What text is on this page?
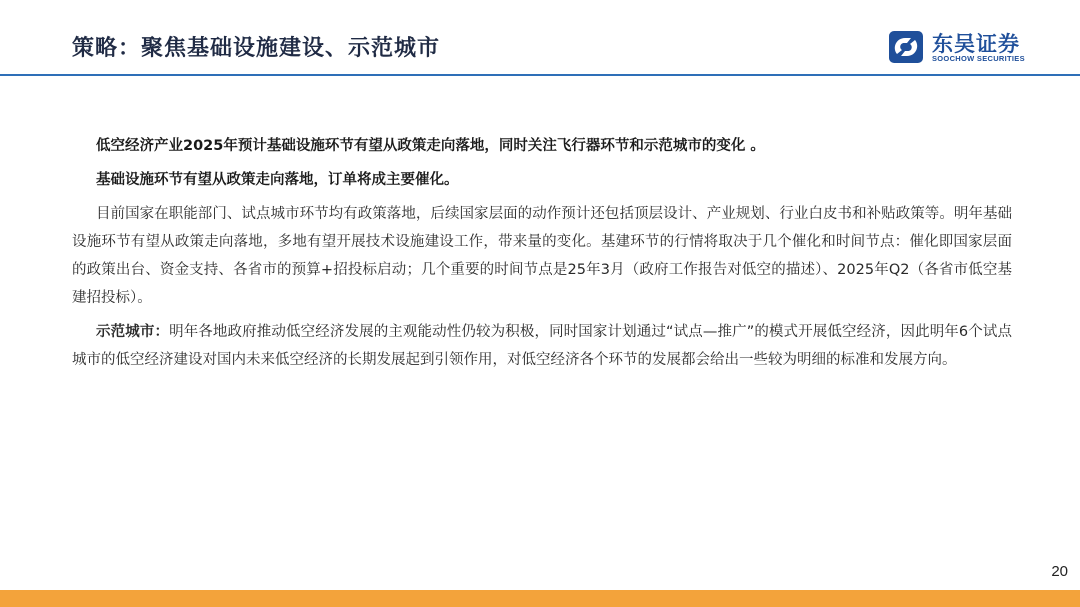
策略：聚焦基础设施建设、示范城市	东吴证券
SOOCHOW SECURITIES

低空经济产业2025年预计基础设施环节有望从政策走向落地，同时关注飞行器环节和示范城市的变化 。

基础设施环节有望从政策走向落地，订单将成主要催化。

目前国家在职能部门、试点城市环节均有政策落地，后续国家层面的动作预计还包括顶层设计、产业规划、行业白皮书和补贴政策等。明年基础设施环节有望从政策走向落地，多地有望开展技术设施建设工作，带来量的变化。基建环节的行情将取决于几个催化和时间节点：催化即国家层面的政策出台、资金支持、各省市的预算+招投标启动；几个重要的时间节点是25年3月（政府工作报告对低空的描述）、2025年Q2（各省市低空基建招投标）。

示范城市：明年各地政府推动低空经济发展的主观能动性仍较为积极，同时国家计划通过“试点—推广”的模式开展低空经济，因此明年6个试点城市的低空经济建设对国内未来低空经济的长期发展起到引领作用，对低空经济各个环节的发展都会给出一些较为明细的标准和发展方向。

20
